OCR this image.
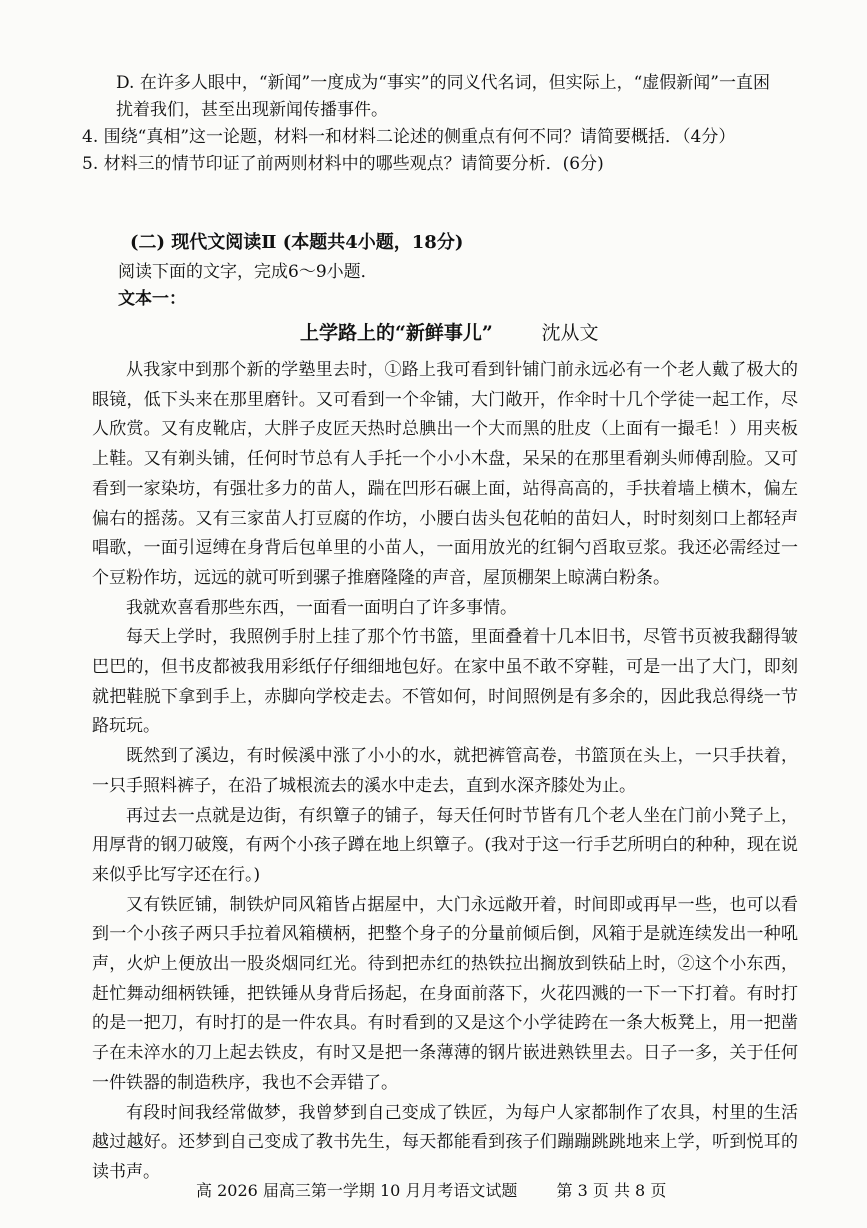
D. 在许多人眼中，“新闻”一度成为“事实”的同义代名词，但实际上，“虚假新闻”一直困扰着我们，甚至出现新闻传播事件。
4. 围绕“真相”这一论题，材料一和材料二论述的侧重点有何不同？请简要概括．（4分）
5. 材料三的情节印证了前两则材料中的哪些观点？请简要分析．(6分)
(二) 现代文阅读Ⅱ (本题共4小题，18分)
阅读下面的文字，完成6～9小题．
文本一：
上学路上的“新鲜事儿”	沈从文

从我家中到那个新的学塾里去时，①路上我可看到针铺门前永远必有一个老人戴了极大的眼镜，低下头来在那里磨针。又可看到一个伞铺，大门敞开，作伞时十几个学徒一起工作，尽人欣赏。又有皮靴店，大胖子皮匠天热时总腆出一个大而黑的肚皮（上面有一撮毛！）用夹板上鞋。又有剃头铺，任何时节总有人手托一个小小木盘，呆呆的在那里看剃头师傅刮脸。又可看到一家染坊，有强壮多力的苗人，踹在凹形石碾上面，站得高高的，手扶着墙上横木，偏左偏右的摇荡。又有三家苗人打豆腐的作坊，小腰白齿头包花帕的苗妇人，时时刻刻口上都轻声唱歌，一面引逗缚在身背后包单里的小苗人，一面用放光的红铜勺舀取豆浆。我还必需经过一个豆粉作坊，远远的就可听到骡子推磨隆隆的声音，屋顶棚架上晾满白粉条。

我就欢喜看那些东西，一面看一面明白了许多事情。

每天上学时，我照例手肘上挂了那个竹书篮，里面叠着十几本旧书，尽管书页被我翻得皱巴巴的，但书皮都被我用彩纸仔仔细细地包好。在家中虽不敢不穿鞋，可是一出了大门，即刻就把鞋脱下拿到手上，赤脚向学校走去。不管如何，时间照例是有多余的，因此我总得绕一节路玩玩。

既然到了溪边，有时候溪中涨了小小的水，就把裤管高卷，书篮顶在头上，一只手扶着，一只手照料裤子，在沿了城根流去的溪水中走去，直到水深齐膝处为止。

再过去一点就是边街，有织簟子的铺子，每天任何时节皆有几个老人坐在门前小凳子上，用厚背的钢刀破篾，有两个小孩子蹲在地上织簟子。(我对于这一行手艺所明白的种种，现在说来似乎比写字还在行。)

又有铁匠铺，制铁炉同风箱皆占据屋中，大门永远敞开着，时间即或再早一些，也可以看到一个小孩子两只手拉着风箱横柄，把整个身子的分量前倾后倒，风箱于是就连续发出一种吼声，火炉上便放出一股炎烟同红光。待到把赤红的热铁拉出搁放到铁砧上时，②这个小东西，赶忙舞动细柄铁锤，把铁锤从身背后扬起，在身面前落下，火花四溅的一下一下打着。有时打的是一把刀，有时打的是一件农具。有时看到的又是这个小学徒跨在一条大板凳上，用一把凿子在未淬水的刀上起去铁皮，有时又是把一条薄薄的钢片嵌进熟铁里去。日子一多，关于任何一件铁器的制造秩序，我也不会弄错了。

有段时间我经常做梦，我曾梦到自己变成了铁匠，为每户人家都制作了农具，村里的生活越过越好。还梦到自己变成了教书先生，每天都能看到孩子们蹦蹦跳跳地来上学，听到悦耳的读书声。

高 2026 届高三第一学期 10 月月考语文试题 第 3 页 共 8 页
